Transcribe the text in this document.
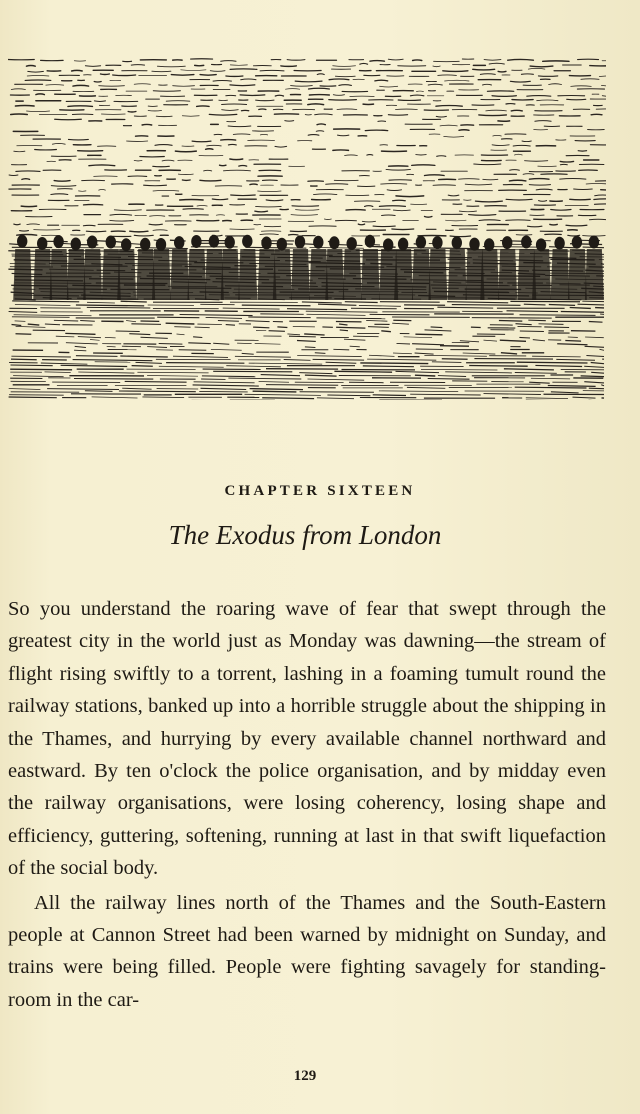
CHAPTER SIXTEEN
The Exodus from London

So you understand the roaring wave of fear that swept through the greatest city in the world just as Monday was dawning—the stream of flight rising swiftly to a torrent, lashing in a foaming tumult round the railway stations, banked up into a horrible struggle about the shipping in the Thames, and hurrying by every available channel northward and eastward. By ten o'clock the police organisation, and by midday even the railway organisations, were losing coherency, losing shape and efficiency, guttering, softening, running at last in that swift liquefaction of the social body.

All the railway lines north of the Thames and the South-Eastern people at Cannon Street had been warned by midnight on Sunday, and trains were being filled. People were fighting savagely for standing-room in the car-

129
